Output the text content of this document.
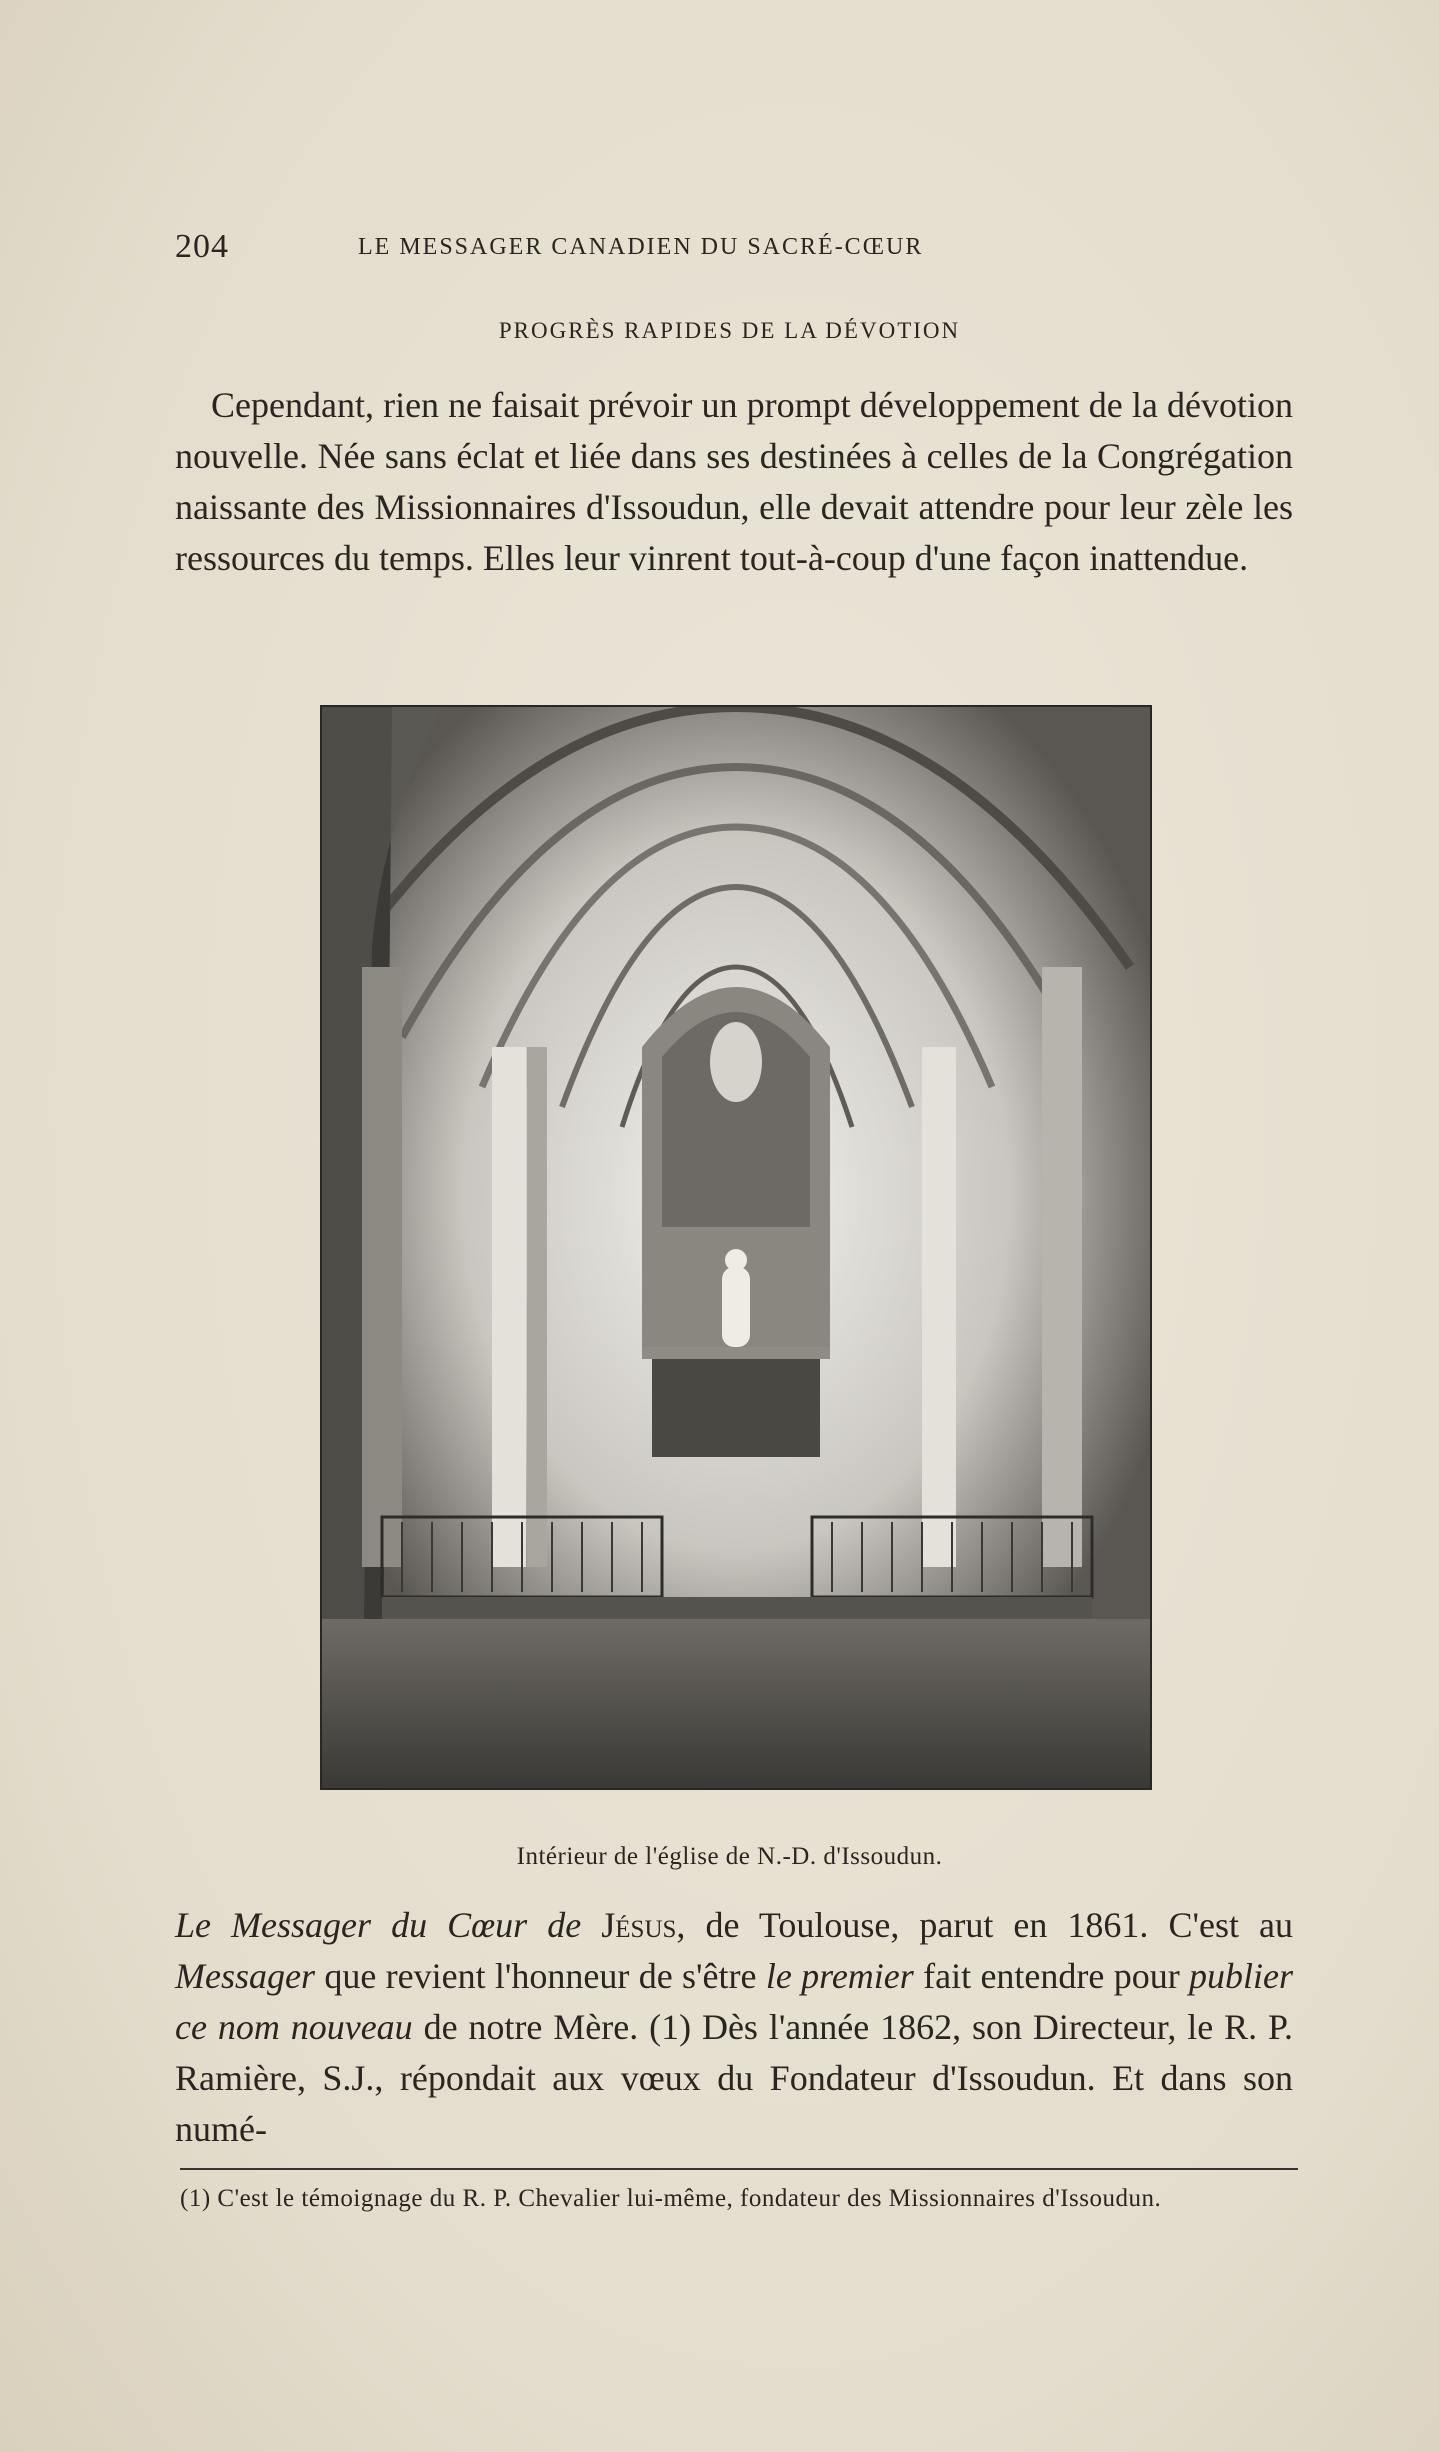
204	LE MESSAGER CANADIEN DU SACRÉ-CŒUR
PROGRÈS RAPIDES DE LA DÉVOTION

Cependant, rien ne faisait prévoir un prompt développement de la dévotion nouvelle. Née sans éclat et liée dans ses destinées à celles de la Congrégation naissante des Missionnaires d'Issoudun, elle devait attendre pour leur zèle les ressources du temps. Elles leur vinrent tout-à-coup d'une façon inattendue.

Intérieur de l'église de N.-D. d'Issoudun.

Le Messager du Cœur de Jésus, de Toulouse, parut en 1861. C'est au Messager que revient l'honneur de s'être le premier fait entendre pour publier ce nom nouveau de notre Mère. (1) Dès l'année 1862, son Directeur, le R. P. Ramière, S.J., répondait aux vœux du Fondateur d'Issoudun. Et dans son numé-

(1) C'est le témoignage du R. P. Chevalier lui-même, fondateur des Missionnaires d'Issoudun.
